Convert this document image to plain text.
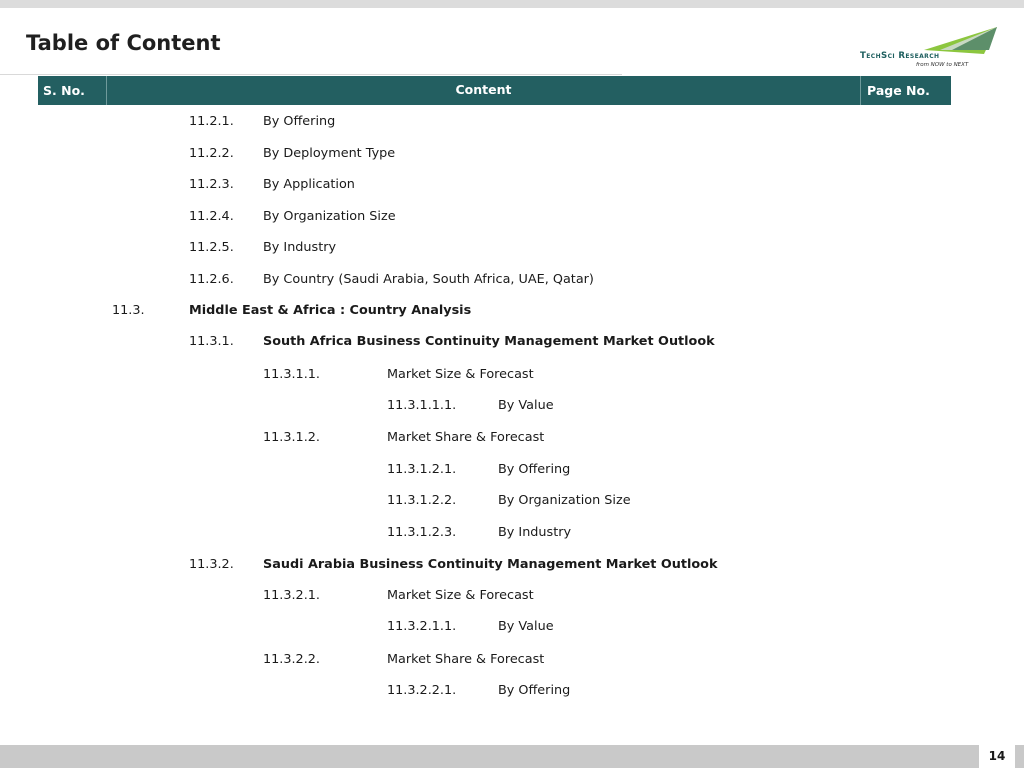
Table of Content
TechSci Research
from NOW to NEXT
S. No.	Content	Page No.
11.2.1. By Offering
11.2.2. By Deployment Type
11.2.3. By Application
11.2.4. By Organization Size
11.2.5. By Industry
11.2.6. By Country (Saudi Arabia, South Africa, UAE, Qatar)
11.3.	Middle East & Africa : Country Analysis
11.3.1. South Africa Business Continuity Management Market Outlook
11.3.1.1.	Market Size & Forecast
11.3.1.1.1.	By Value
11.3.1.2.	Market Share & Forecast
11.3.1.2.1.	By Offering
11.3.1.2.2.	By Organization Size
11.3.1.2.3.	By Industry
11.3.2. Saudi Arabia Business Continuity Management Market Outlook
11.3.2.1.	Market Size & Forecast
11.3.2.1.1.	By Value
11.3.2.2.	Market Share & Forecast
11.3.2.2.1.	By Offering
14
